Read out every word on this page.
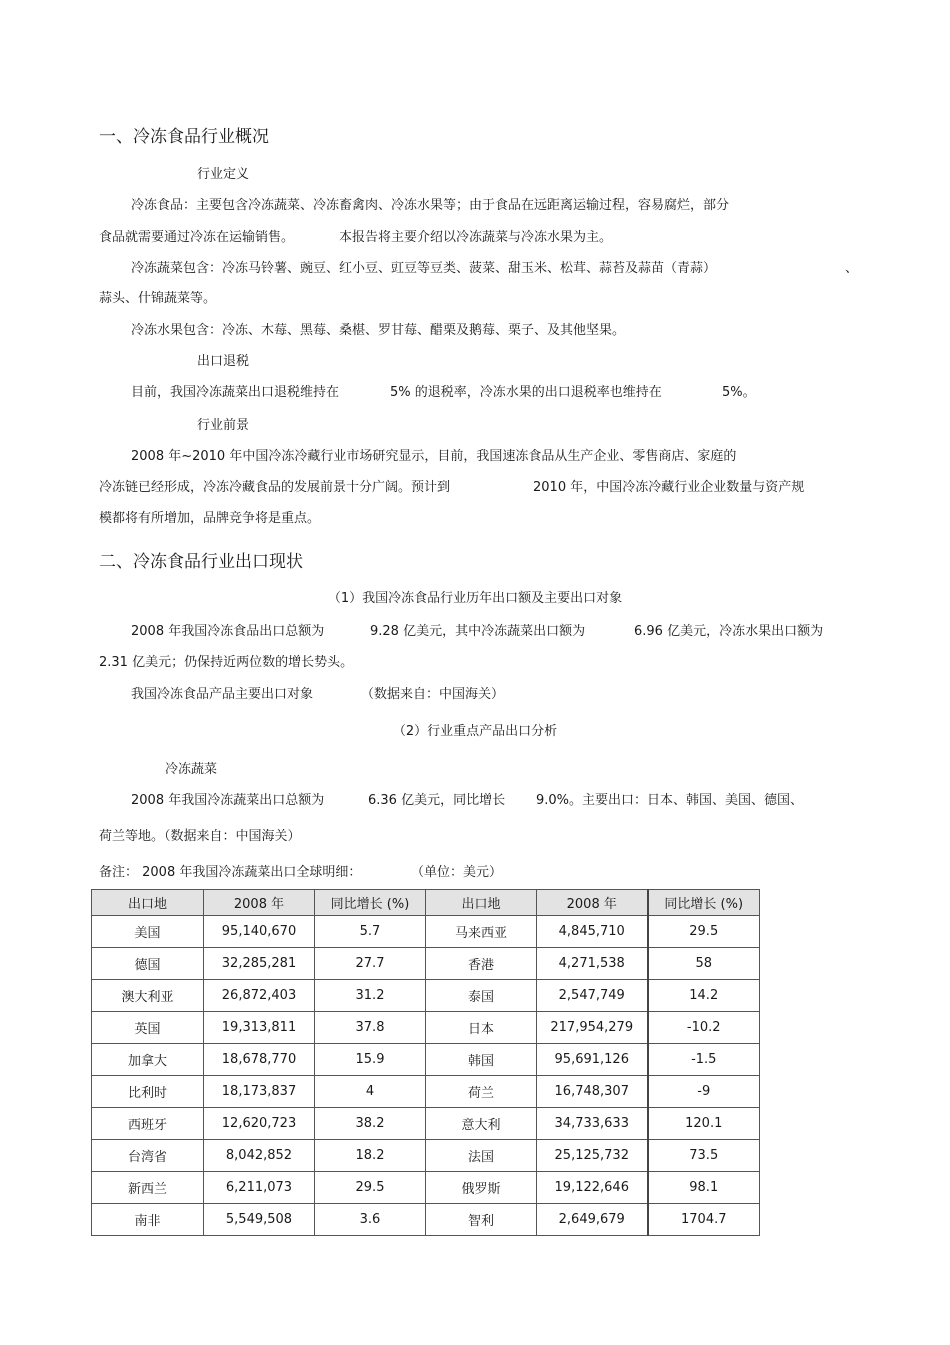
一、冷冻食品行业概况
行业定义
冷冻食品：主要包含冷冻蔬菜、冷冻畜禽肉、冷冻水果等；由于食品在远距离运输过程，容易腐烂，部分
食品就需要通过冷冻在运输销售。	本报告将主要介绍以冷冻蔬菜与冷冻水果为主。
冷冻蔬菜包含：冷冻马铃薯、豌豆、红小豆、豇豆等豆类、菠菜、甜玉米、松茸、蒜苔及蒜苗（青蒜）	、
蒜头、什锦蔬菜等。
冷冻水果包含：冷冻、木莓、黑莓、桑椹、罗甘莓、醋栗及鹅莓、栗子、及其他坚果。
出口退税
目前，我国冷冻蔬菜出口退税维持在	5% 的退税率，冷冻水果的出口退税率也维持在	5%。
行业前景
2008 年~2010 年中国冷冻冷藏行业市场研究显示，目前，我国速冻食品从生产企业、零售商店、家庭的
冷冻链已经形成，冷冻冷藏食品的发展前景十分广阔。预计到	2010 年，中国冷冻冷藏行业企业数量与资产规
模都将有所增加，品牌竞争将是重点。
二、冷冻食品行业出口现状
（1）我国冷冻食品行业历年出口额及主要出口对象
2008 年我国冷冻食品出口总额为	9.28 亿美元，其中冷冻蔬菜出口额为	6.96 亿美元，冷冻水果出口额为
2.31 亿美元；仍保持近两位数的增长势头。
我国冷冻食品产品主要出口对象	（数据来自：中国海关）
（2）行业重点产品出口分析
冷冻蔬菜
2008 年我国冷冻蔬菜出口总额为	6.36 亿美元，同比增长 9.0%。主要出口：日本、韩国、美国、德国、
荷兰等地。（数据来自：中国海关）
备注： 2008 年我国冷冻蔬菜出口全球明细：	（单位：美元）
出口地	2008 年	同比增长 (%)	出口地	2008 年	同比增长 (%)
美国	95,140,670	5.7	马来西亚	4,845,710	29.5
德国	32,285,281	27.7	香港	4,271,538	58
澳大利亚	26,872,403	31.2	泰国	2,547,749	14.2
英国	19,313,811	37.8	日本	217,954,279	-10.2
加拿大	18,678,770	15.9	韩国	95,691,126	-1.5
比利时	18,173,837	4	荷兰	16,748,307	-9
西班牙	12,620,723	38.2	意大利	34,733,633	120.1
台湾省	8,042,852	18.2	法国	25,125,732	73.5
新西兰	6,211,073	29.5	俄罗斯	19,122,646	98.1
南非	5,549,508	3.6	智利	2,649,679	1704.7
